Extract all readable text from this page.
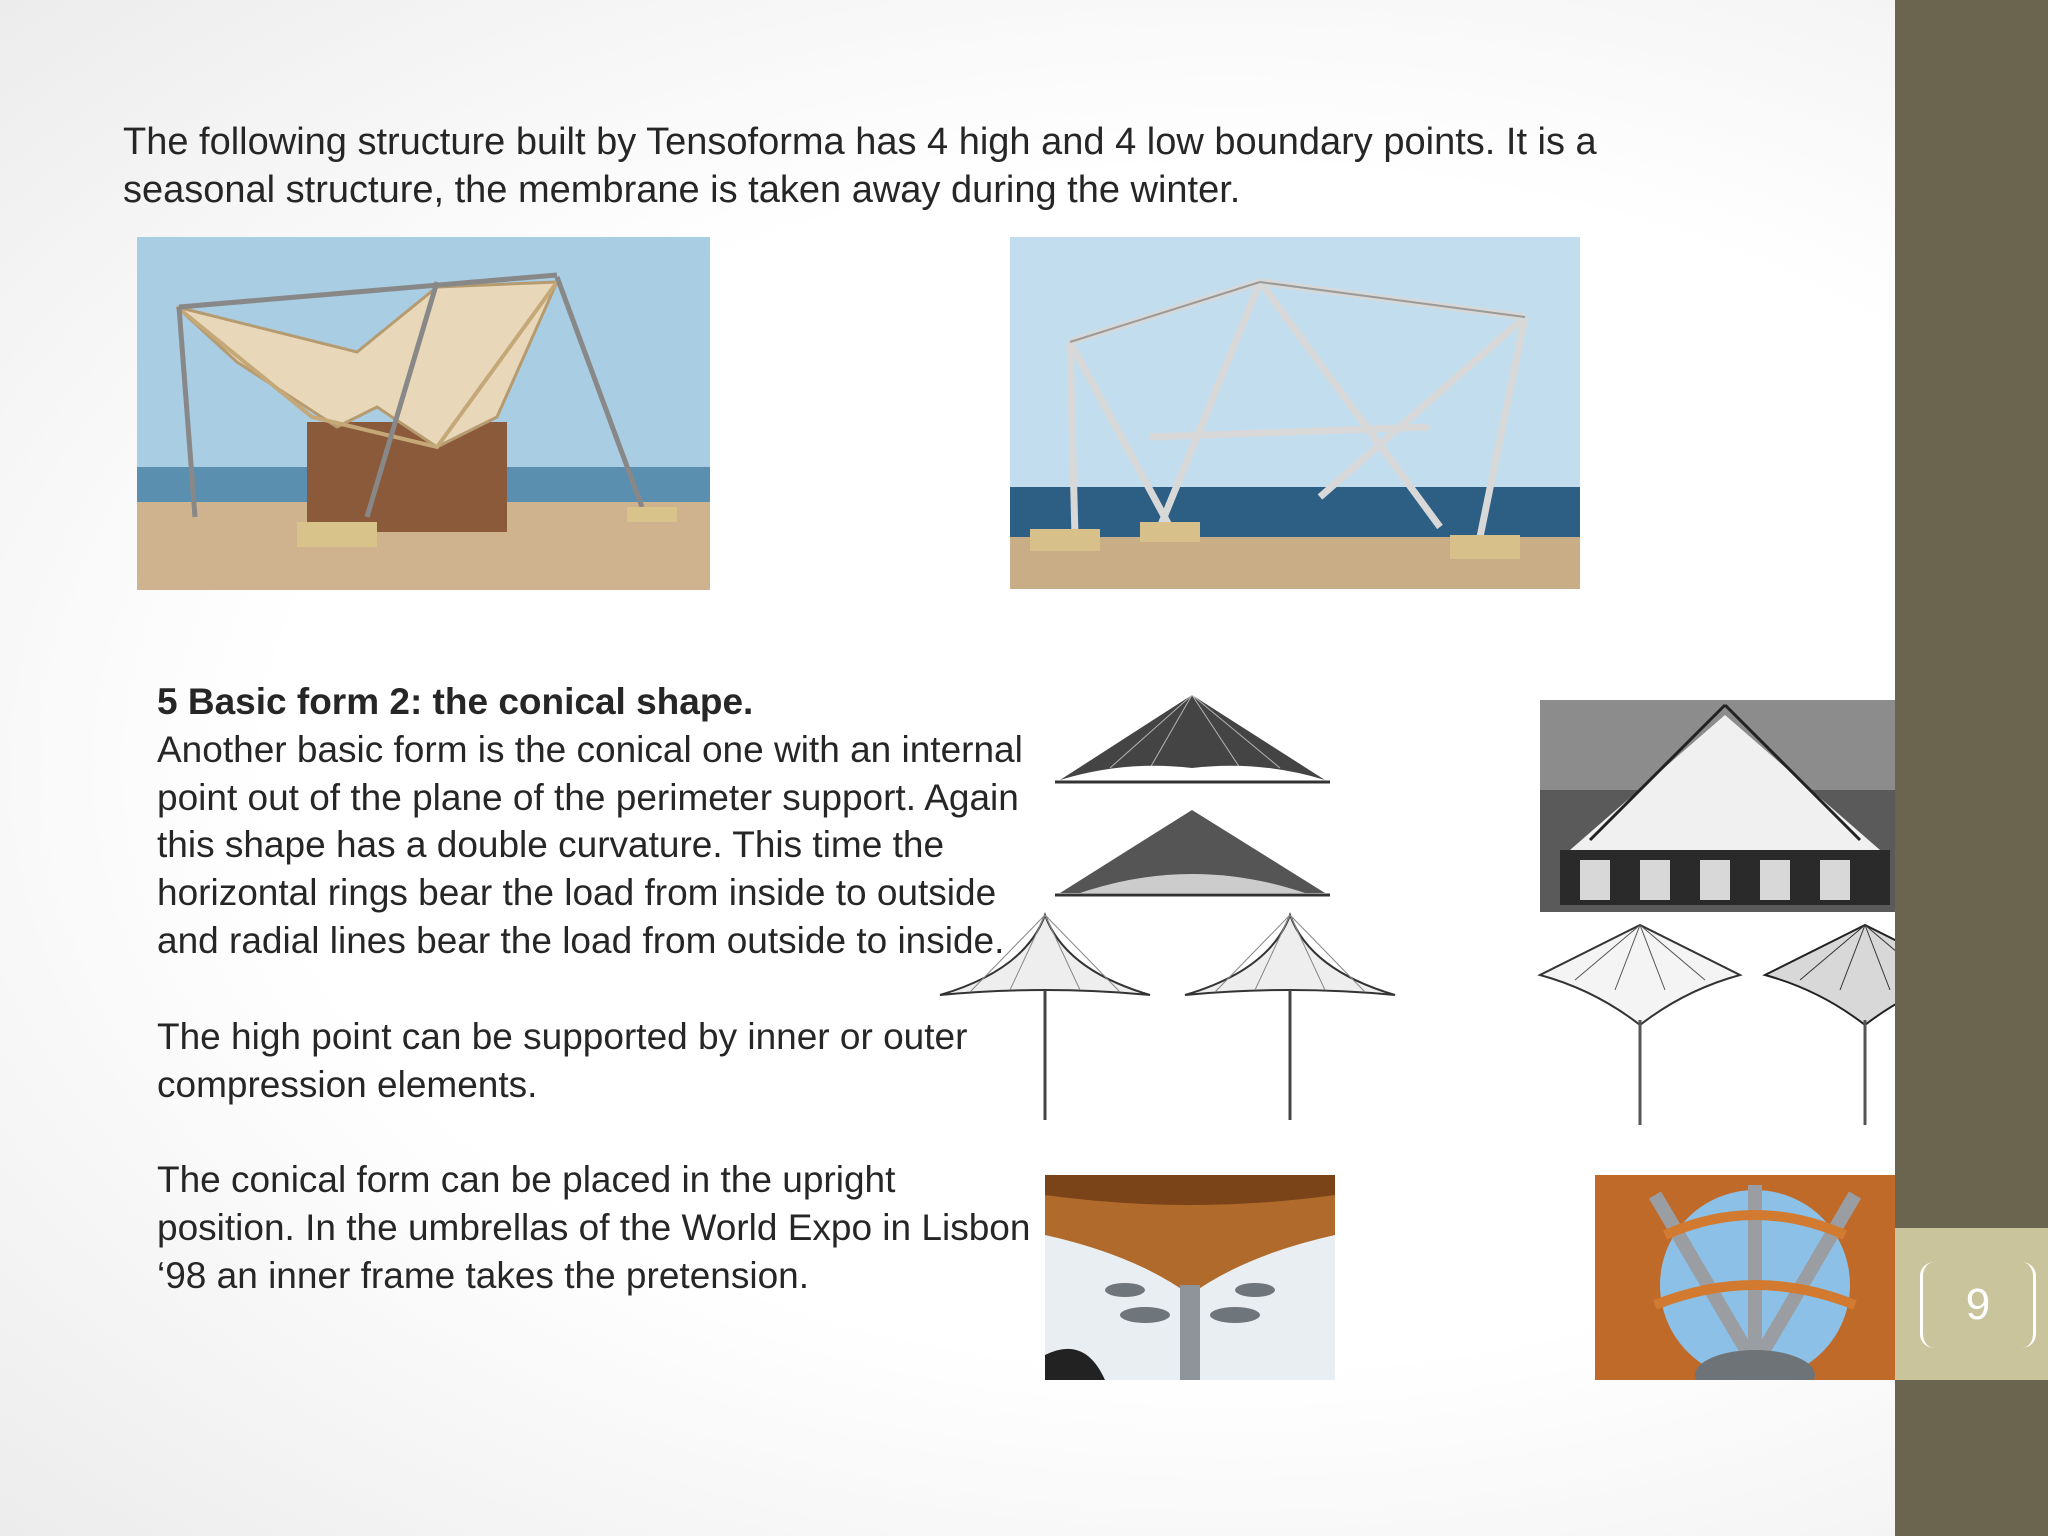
The following structure built by Tensoforma has 4 high and 4 low boundary points. It is a seasonal structure, the membrane is taken away during the winter.
5 Basic form 2: the conical shape.

Another basic form is the conical one with an internal point out of the plane of the perimeter support. Again this shape has a double curvature. This time the horizontal rings bear the load from inside to outside and radial lines bear the load from outside to inside.

The high point can be supported by inner or outer compression elements.

The conical form can be placed in the upright position. In the umbrellas of the World Expo in Lisbon ‘98 an inner frame takes the pretension.

9
